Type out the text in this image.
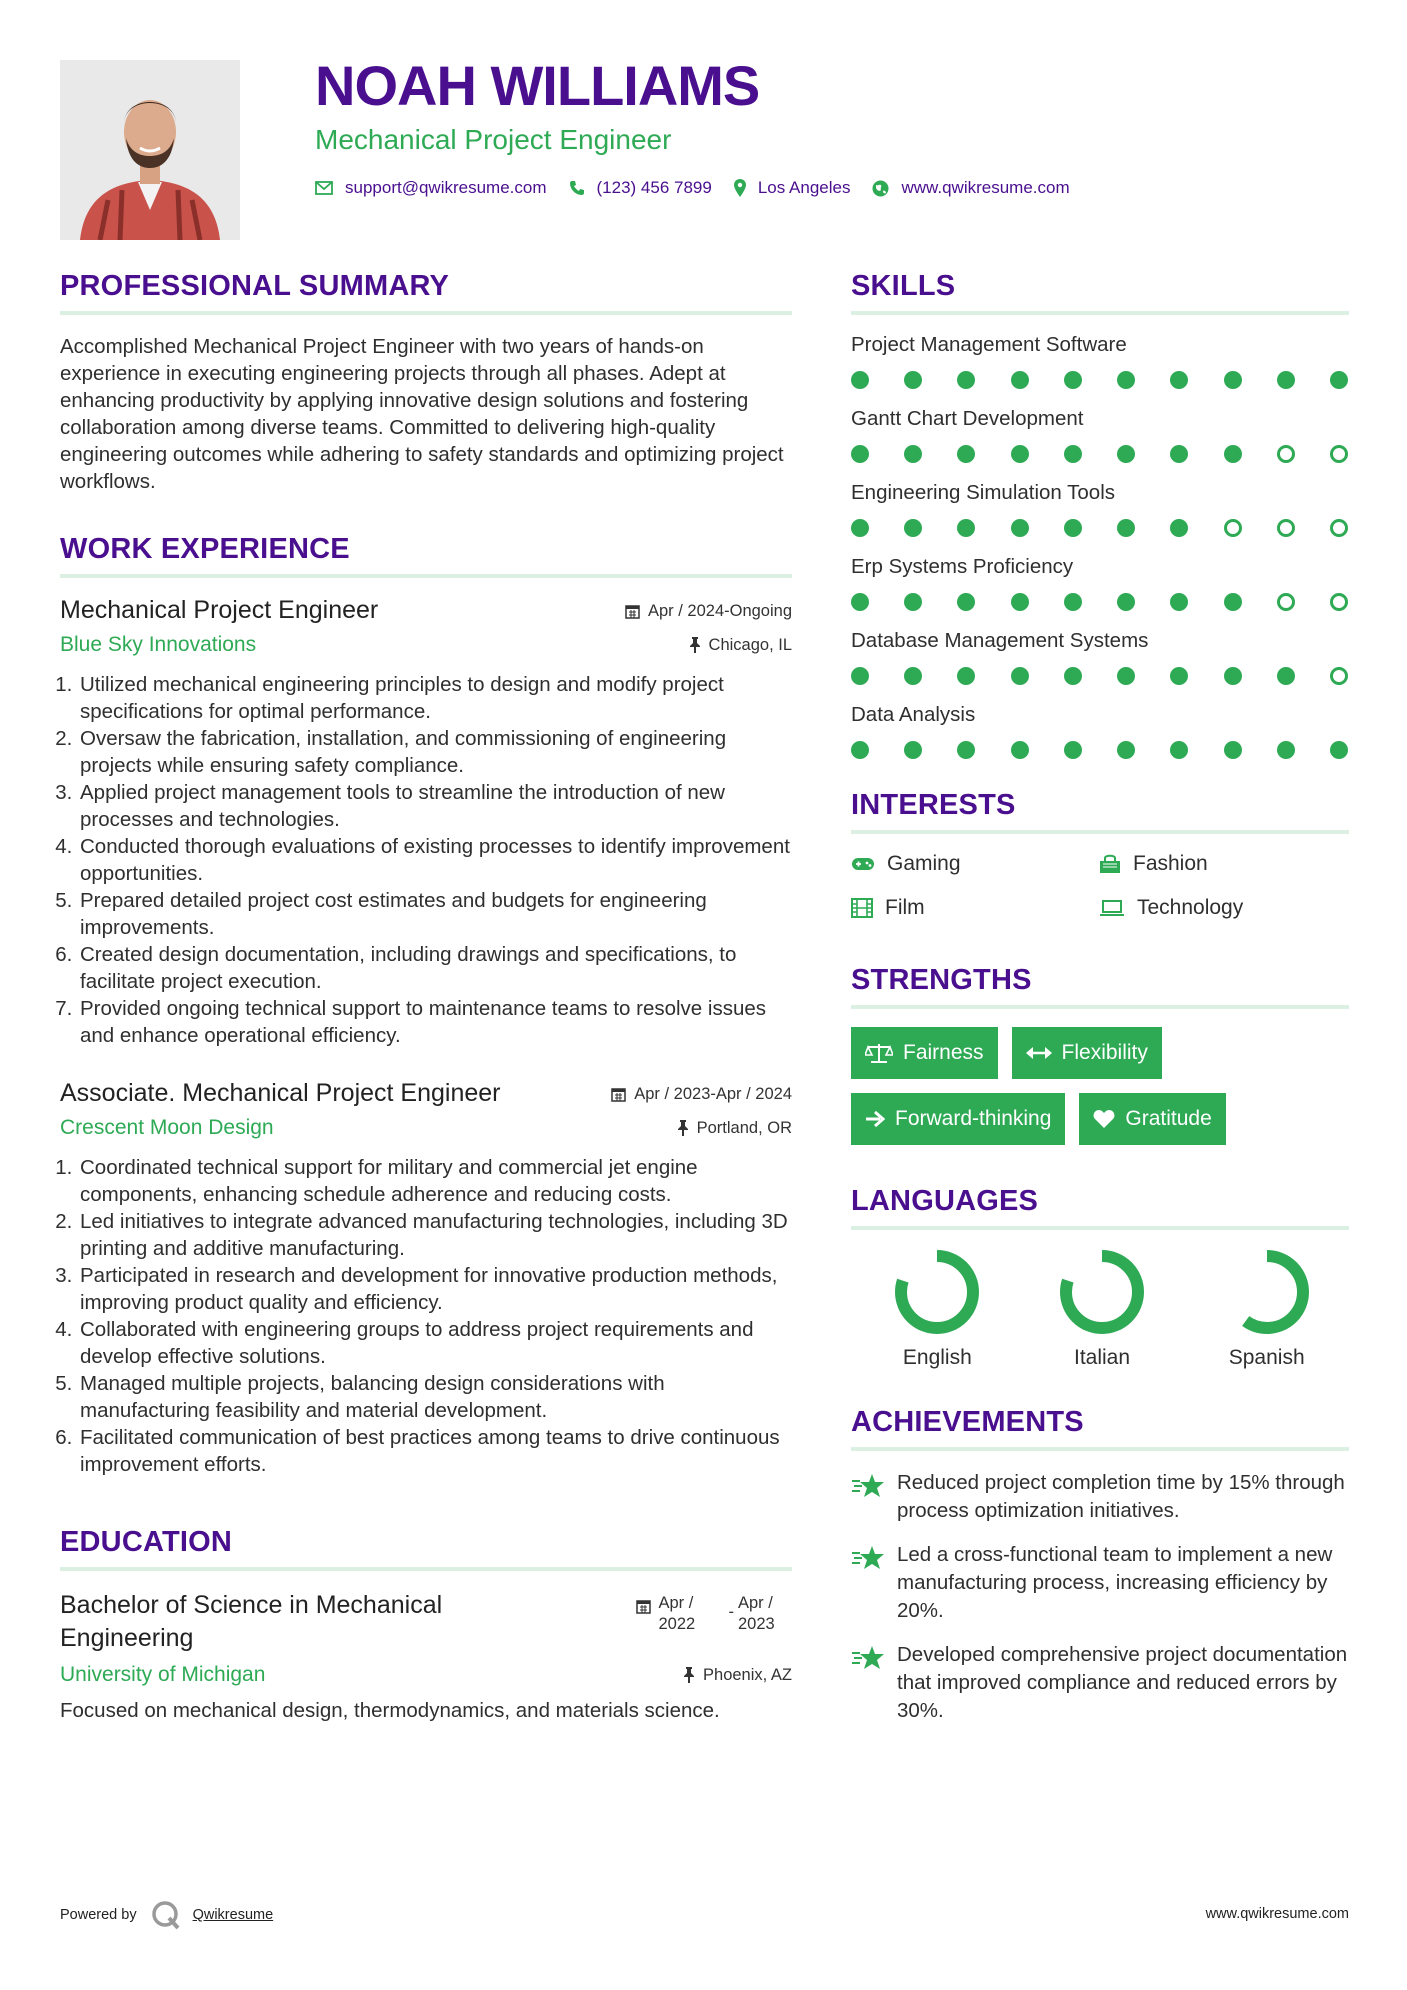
NOAH WILLIAMS
Mechanical Project Engineer
support@qwikresume.com	(123) 456 7899	Los Angeles	www.qwikresume.com
PROFESSIONAL SUMMARY
Accomplished Mechanical Project Engineer with two years of hands-on experience in executing engineering projects through all phases. Adept at enhancing productivity by applying innovative design solutions and fostering collaboration among diverse teams. Committed to delivering high-quality engineering outcomes while adhering to safety standards and optimizing project workflows.
WORK EXPERIENCE
Mechanical Project Engineer	Apr / 2024-Ongoing
Blue Sky Innovations	Chicago, IL
1. Utilized mechanical engineering principles to design and modify project specifications for optimal performance.
2. Oversaw the fabrication, installation, and commissioning of engineering projects while ensuring safety compliance.
3. Applied project management tools to streamline the introduction of new processes and technologies.
4. Conducted thorough evaluations of existing processes to identify improvement opportunities.
5. Prepared detailed project cost estimates and budgets for engineering improvements.
6. Created design documentation, including drawings and specifications, to facilitate project execution.
7. Provided ongoing technical support to maintenance teams to resolve issues and enhance operational efficiency.
Associate. Mechanical Project Engineer	Apr / 2023-Apr / 2024
Crescent Moon Design	Portland, OR
1. Coordinated technical support for military and commercial jet engine components, enhancing schedule adherence and reducing costs.
2. Led initiatives to integrate advanced manufacturing technologies, including 3D printing and additive manufacturing.
3. Participated in research and development for innovative production methods, improving product quality and efficiency.
4. Collaborated with engineering groups to address project requirements and develop effective solutions.
5. Managed multiple projects, balancing design considerations with manufacturing feasibility and material development.
6. Facilitated communication of best practices among teams to drive continuous improvement efforts.
EDUCATION
Bachelor of Science in Mechanical Engineering
Apr / 2022
- Apr / 2023
University of Michigan	Phoenix, AZ
Focused on mechanical design, thermodynamics, and materials science.
SKILLS
Project Management Software
Gantt Chart Development
Engineering Simulation Tools
Erp Systems Proficiency
Database Management Systems
Data Analysis
INTERESTS
Gaming	Fashion
Film	Technology
STRENGTHS
Fairness	Flexibility
Forward-thinking	Gratitude
LANGUAGES
English	Italian	Spanish
ACHIEVEMENTS
Reduced project completion time by 15% through process optimization initiatives.
Led a cross-functional team to implement a new manufacturing process, increasing efficiency by 20%.
Developed comprehensive project documentation that improved compliance and reduced errors by 30%.
Powered by	Qwikresume	www.qwikresume.com
